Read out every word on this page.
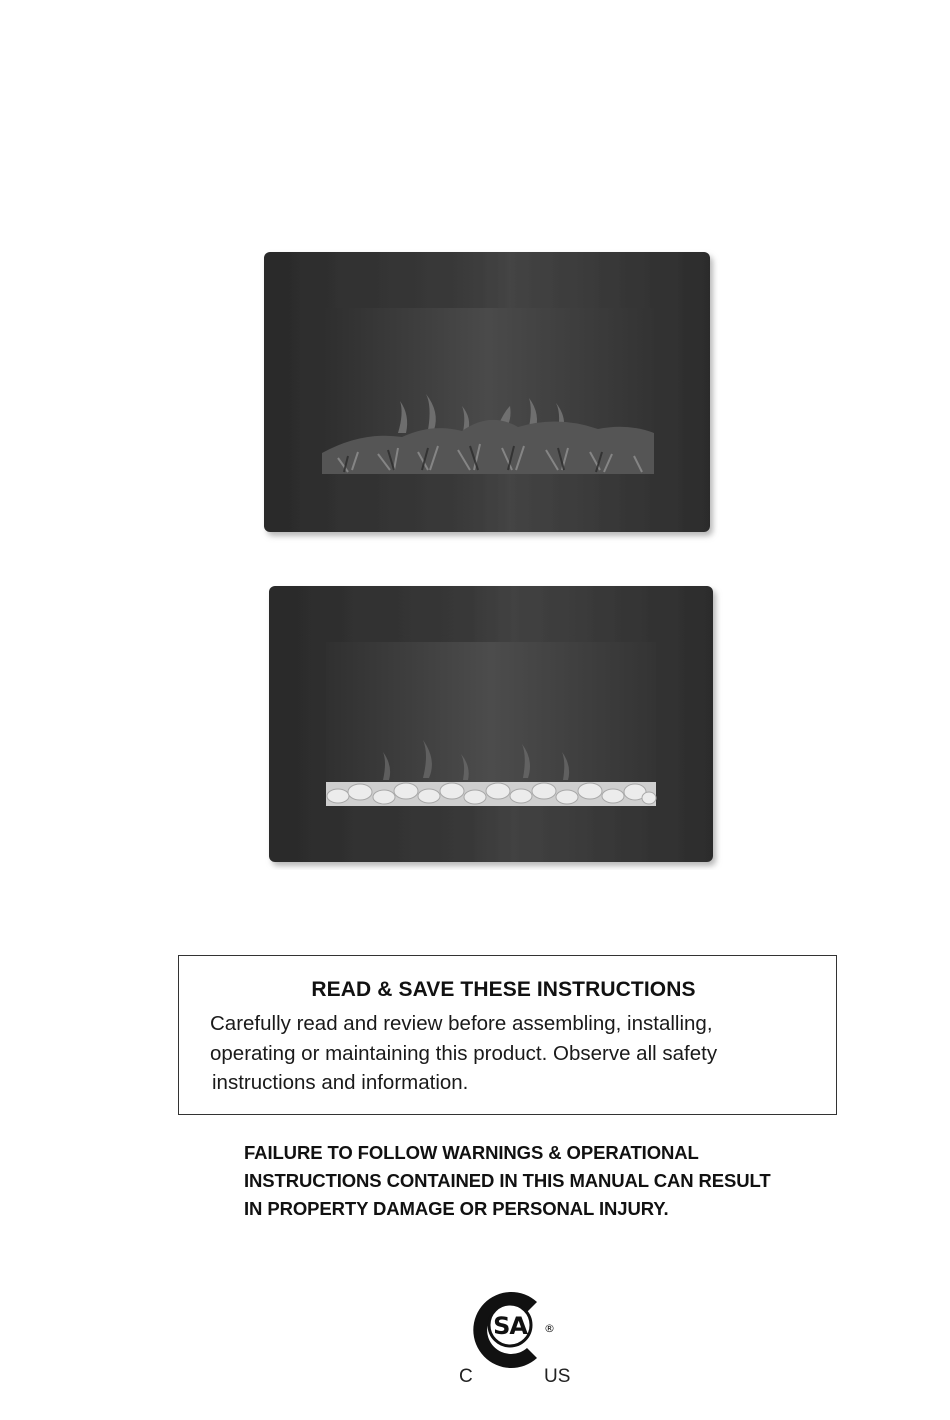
READ & SAVE THESE INSTRUCTIONS
Carefully read and review before assembling, installing,
operating or maintaining this product. Observe all safety
instructions and information.
FAILURE TO FOLLOW WARNINGS & OPERATIONAL
INSTRUCTIONS CONTAINED IN THIS MANUAL CAN RESULT
IN PROPERTY DAMAGE OR PERSONAL INJURY.
SA ®
C	US
